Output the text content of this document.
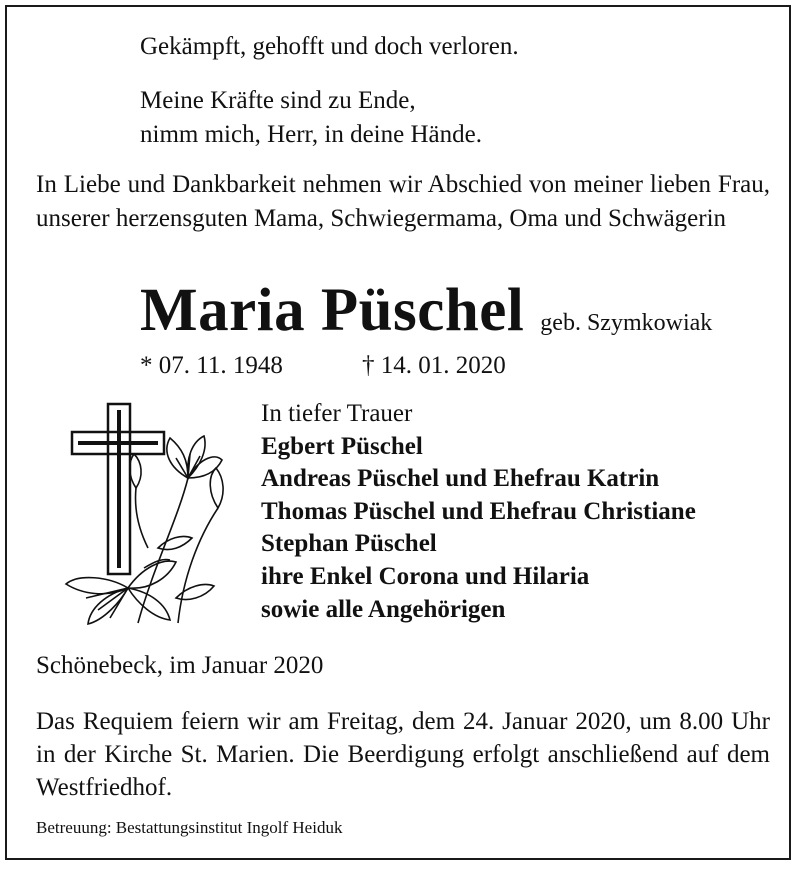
Gekämpft, gehofft und doch verloren.

Meine Kräfte sind zu Ende,

nimm mich, Herr, in deine Hände.

In Liebe und Dankbarkeit nehmen wir Abschied von meiner lieben Frau, unserer herzensguten Mama, Schwiegermama, Oma und Schwägerin

Maria Püschel geb. Szymkowiak
* 07. 11. 1948	† 14. 01. 2020
In tiefer Trauer
Egbert Püschel
Andreas Püschel und Ehefrau Katrin
Thomas Püschel und Ehefrau Christiane
Stephan Püschel
ihre Enkel Corona und Hilaria
sowie alle Angehörigen

Schönebeck, im Januar 2020

Das Requiem feiern wir am Freitag, dem 24. Januar 2020, um 8.00 Uhr in der Kirche St. Marien. Die Beerdigung erfolgt anschließend auf dem Westfriedhof.

Betreuung: Bestattungsinstitut Ingolf Heiduk
